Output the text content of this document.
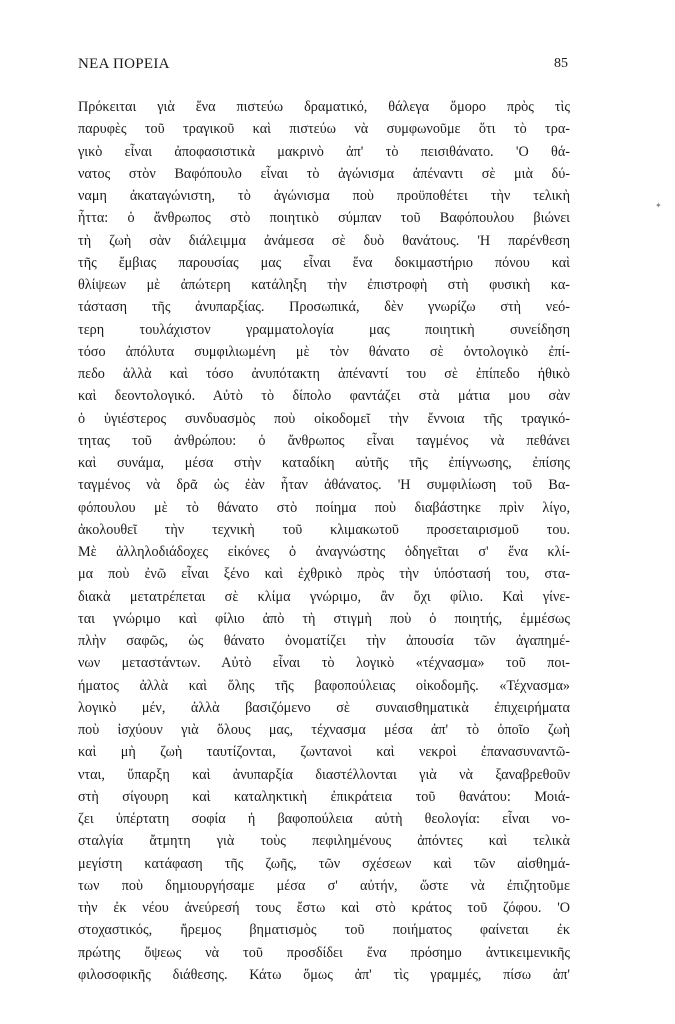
ΝΕΑ ΠΟΡΕΙΑ	85
Πρόκειται γιὰ ἕνα πιστεύω δραματικό, θάλεγα ὅμορο πρὸς τὶς
παρυφὲς τοῦ τραγικοῦ καὶ πιστεύω νὰ συμφωνοῦμε ὅτι τὸ τρα-
γικὸ εἶναι ἀποφασιστικὰ μακρινὸ ἀπ' τὸ πεισιθάνατο. 'Ο θά-
νατος στὸν Βαφόπουλο εἶναι τὸ ἀγώνισμα ἀπέναντι σὲ μιὰ δύ-
ναμη ἀκαταγώνιστη, τὸ ἀγώνισμα ποὺ προϋποθέτει τὴν τελικὴ
ἧττα: ὁ ἄνθρωπος στὸ ποιητικὸ σύμπαν τοῦ Βαφόπουλου βιώνει
τὴ ζωὴ σὰν διάλειμμα ἀνάμεσα σὲ δυὸ θανάτους. 'Η παρένθεση
τῆς ἔμβιας παρουσίας μας εἶναι ἕνα δοκιμαστήριο πόνου καὶ
θλίψεων μὲ ἀπώτερη κατάληξη τὴν ἐπιστροφὴ στὴ φυσικὴ κα-
τάσταση τῆς ἀνυπαρξίας. Προσωπικά, δὲν γνωρίζω στὴ νεό-
τερη τουλάχιστον γραμματολογία μας ποιητικὴ συνείδηση
τόσο ἀπόλυτα συμφιλιωμένη μὲ τὸν θάνατο σὲ ὀντολογικὸ ἐπί-
πεδο ἀλλὰ καὶ τόσο ἀνυπότακτη ἀπέναντί του σὲ ἐπίπεδο ἠθικὸ
καὶ δεοντολογικό. Αὐτὸ τὸ δίπολο φαντάζει στὰ μάτια μου σὰν
ὁ ὑγιέστερος συνδυασμὸς ποὺ οἰκοδομεῖ τὴν ἔννοια τῆς τραγικό-
τητας τοῦ ἀνθρώπου: ὁ ἄνθρωπος εἶναι ταγμένος νὰ πεθάνει
καὶ συνάμα, μέσα στὴν καταδίκη αὐτῆς τῆς ἐπίγνωσης, ἐπίσης
ταγμένος νὰ δρᾶ ὡς ἐὰν ἦταν ἀθάνατος. 'Η συμφιλίωση τοῦ Βα-
φόπουλου μὲ τὸ θάνατο στὸ ποίημα ποὺ διαβάστηκε πρὶν λίγο,
ἀκολουθεῖ τὴν τεχνικὴ τοῦ κλιμακωτοῦ προσεταιρισμοῦ του.
Μὲ ἀλληλοδιάδοχες εἰκόνες ὁ ἀναγνώστης ὁδηγεῖται σ' ἕνα κλί-
μα ποὺ ἐνῶ εἶναι ξένο καὶ ἐχθρικὸ πρὸς τὴν ὑπόστασή του, στα-
διακὰ μετατρέπεται σὲ κλίμα γνώριμο, ἂν ὄχι φίλιο. Καὶ γίνε-
ται γνώριμο καὶ φίλιο ἀπὸ τὴ στιγμὴ ποὺ ὁ ποιητής, ἐμμέσως
πλὴν σαφῶς, ὡς θάνατο ὀνοματίζει τὴν ἀπουσία τῶν ἀγαπημέ-
νων μεταστάντων. Αὐτὸ εἶναι τὸ λογικὸ «τέχνασμα» τοῦ ποι-
ήματος ἀλλὰ καὶ ὅλης τῆς βαφοπούλειας οἰκοδομῆς. «Τέχνασμα»
λογικὸ μέν, ἀλλὰ βασιζόμενο σὲ συναισθηματικὰ ἐπιχειρήματα
ποὺ ἰσχύουν γιὰ ὅλους μας, τέχνασμα μέσα ἀπ' τὸ ὁποῖο ζωὴ
καὶ μὴ ζωὴ ταυτίζονται, ζωντανοὶ καὶ νεκροὶ ἐπανασυναντῶ-
νται, ὕπαρξη καὶ ἀνυπαρξία διαστέλλονται γιὰ νὰ ξαναβρεθοῦν
στὴ σίγουρη καὶ καταληκτικὴ ἐπικράτεια τοῦ θανάτου: Μοιά-
ζει ὑπέρτατη σοφία ἡ βαφοπούλεια αὐτὴ θεολογία: εἶναι νο-
σταλγία ἄτμητη γιὰ τοὺς πεφιλημένους ἀπόντες καὶ τελικὰ
μεγίστη κατάφαση τῆς ζωῆς, τῶν σχέσεων καὶ τῶν αἰσθημά-
των ποὺ δημιουργήσαμε μέσα σ' αὐτήν, ὥστε νὰ ἐπιζητοῦμε
τὴν ἐκ νέου ἀνεύρεσή τους ἔστω καὶ στὸ κράτος τοῦ ζόφου. 'Ο
στοχαστικός, ἤρεμος βηματισμὸς τοῦ ποιήματος φαίνεται ἐκ
πρώτης ὄψεως νὰ τοῦ προσδίδει ἕνα πρόσημο ἀντικειμενικῆς
φιλοσοφικῆς διάθεσης. Κάτω ὅμως ἀπ' τὶς γραμμές, πίσω ἀπ'
✦
